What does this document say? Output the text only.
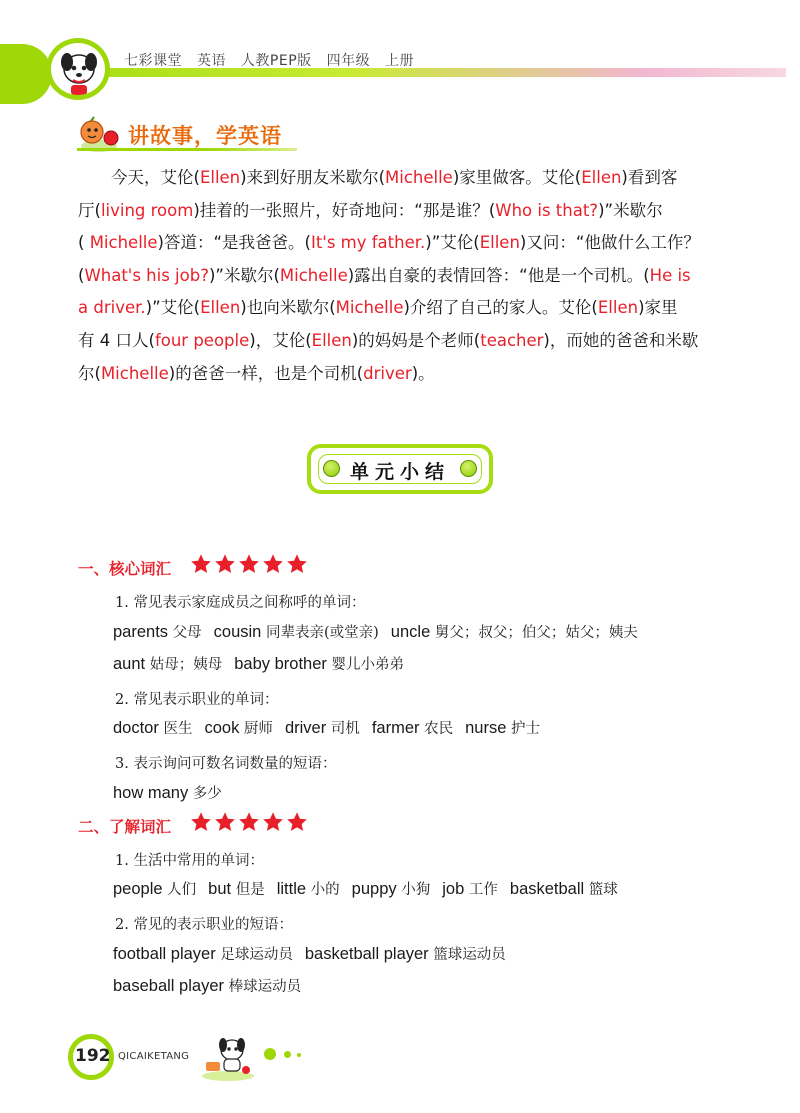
七彩课堂 英语 人教PEP版 四年级 上册
讲故事，学英语
今天，艾伦(Ellen)来到好朋友米歇尔(Michelle)家里做客。艾伦(Ellen)看到客
厅(living room)挂着的一张照片，好奇地问：“那是谁？(Who is that?)”米歇尔
( Michelle)答道：“是我爸爸。(It's my father.)”艾伦(Ellen)又问：“他做什么工作？
(What's his job?)”米歇尔(Michelle)露出自豪的表情回答：“他是一个司机。(He is
a driver.)”艾伦(Ellen)也向米歇尔(Michelle)介绍了自己的家人。艾伦(Ellen)家里
有 4 口人(four people)，艾伦(Ellen)的妈妈是个老师(teacher)，而她的爸爸和米歇
尔(Michelle)的爸爸一样，也是个司机(driver)。
单元小结
一、核心词汇
1. 常见表示家庭成员之间称呼的单词：
parents 父母 cousin 同辈表亲(或堂亲) uncle 舅父；叔父；伯父；姑父；姨夫
aunt 姑母；姨母 baby brother 婴儿小弟弟
2. 常见表示职业的单词：
doctor 医生 cook 厨师 driver 司机 farmer 农民 nurse 护士
3. 表示询问可数名词数量的短语：
how many 多少
二、了解词汇
1. 生活中常用的单词：
people 人们 but 但是 little 小的 puppy 小狗 job 工作 basketball 篮球
2. 常见的表示职业的短语：
football player 足球运动员 basketball player 篮球运动员
baseball player 棒球运动员
192 QICAIKETANG
